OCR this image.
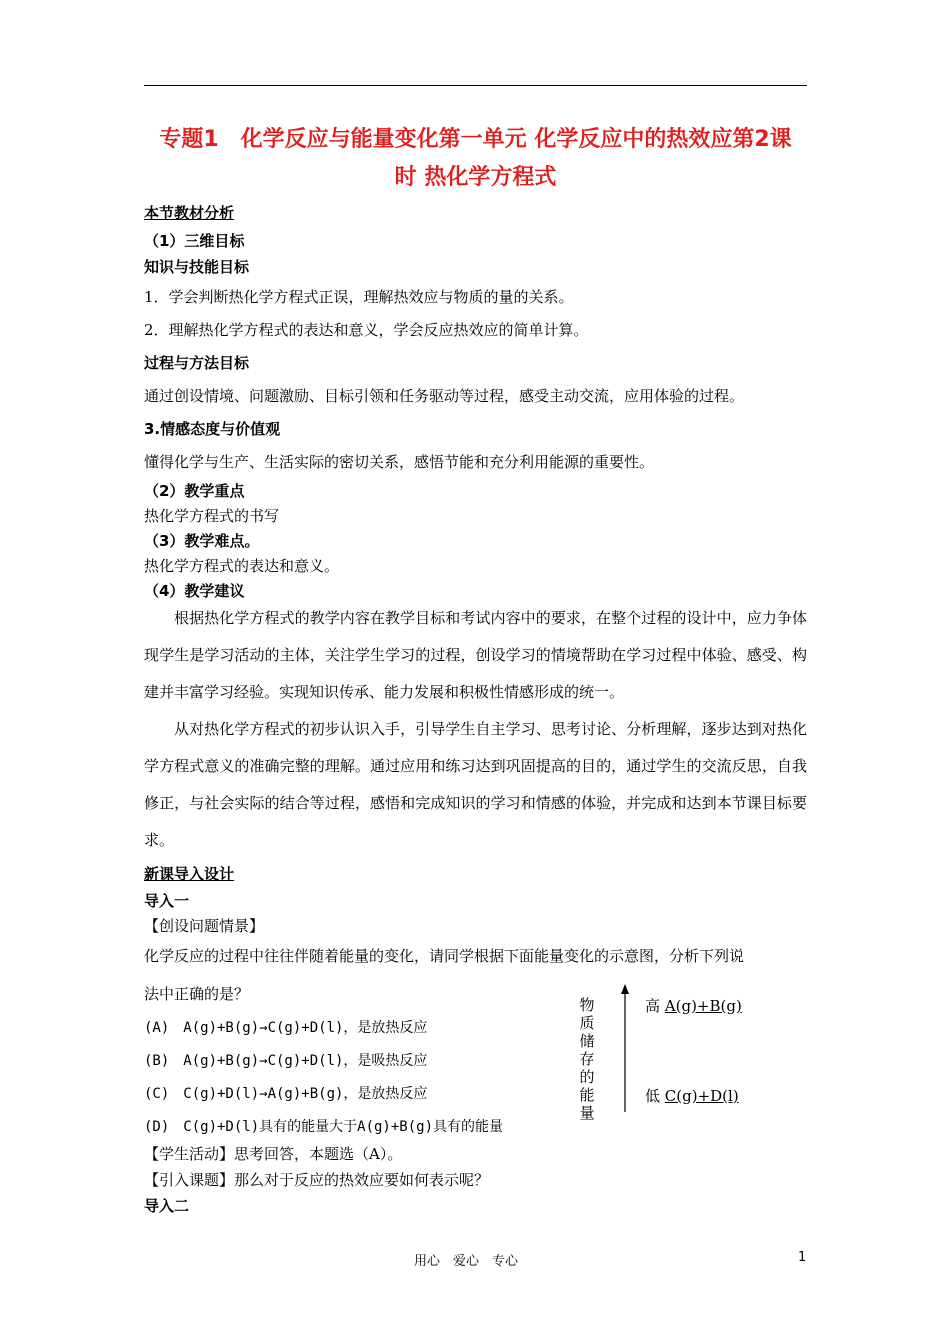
专题1　化学反应与能量变化第一单元 化学反应中的热效应第2课
时 热化学方程式
本节教材分析
（1）三维目标
知识与技能目标
1．学会判断热化学方程式正误，理解热效应与物质的量的关系。
2．理解热化学方程式的表达和意义，学会反应热效应的简单计算。
过程与方法目标
通过创设情境、问题激励、目标引领和任务驱动等过程，感受主动交流，应用体验的过程。
3.情感态度与价值观
懂得化学与生产、生活实际的密切关系，感悟节能和充分利用能源的重要性。
（2）教学重点
热化学方程式的书写
（3）教学难点。
热化学方程式的表达和意义。
（4）教学建议
根据热化学方程式的教学内容在教学目标和考试内容中的要求，在整个过程的设计中，应力争体现学生是学习活动的主体，关注学生学习的过程，创设学习的情境帮助在学习过程中体验、感受、构建并丰富学习经验。实现知识传承、能力发展和积极性情感形成的统一。
从对热化学方程式的初步认识入手，引导学生自主学习、思考讨论、分析理解，逐步达到对热化学方程式意义的准确完整的理解。通过应用和练习达到巩固提高的目的，通过学生的交流反思，自我修正，与社会实际的结合等过程，感悟和完成知识的学习和情感的体验，并完成和达到本节课目标要求。
新课导入设计
导入一
【创设问题情景】
化学反应的过程中往往伴随着能量的变化，请同学根据下面能量变化的示意图，分析下列说
法中正确的是？
(A)　A(g)+B(g)→C(g)+D(l)，是放热反应
(B)　A(g)+B(g)→C(g)+D(l)，是吸热反应
(C)　C(g)+D(l)→A(g)+B(g)，是放热反应
(D)　C(g)+D(l)具有的能量大于A(g)+B(g)具有的能量
【学生活动】思考回答，本题选（A）。
【引入课题】那么对于反应的热效应要如何表示呢？
导入二
物质储存的能量
高 A(g)+B(g)
低 C(g)+D(l)
用心　爱心　专心	1
